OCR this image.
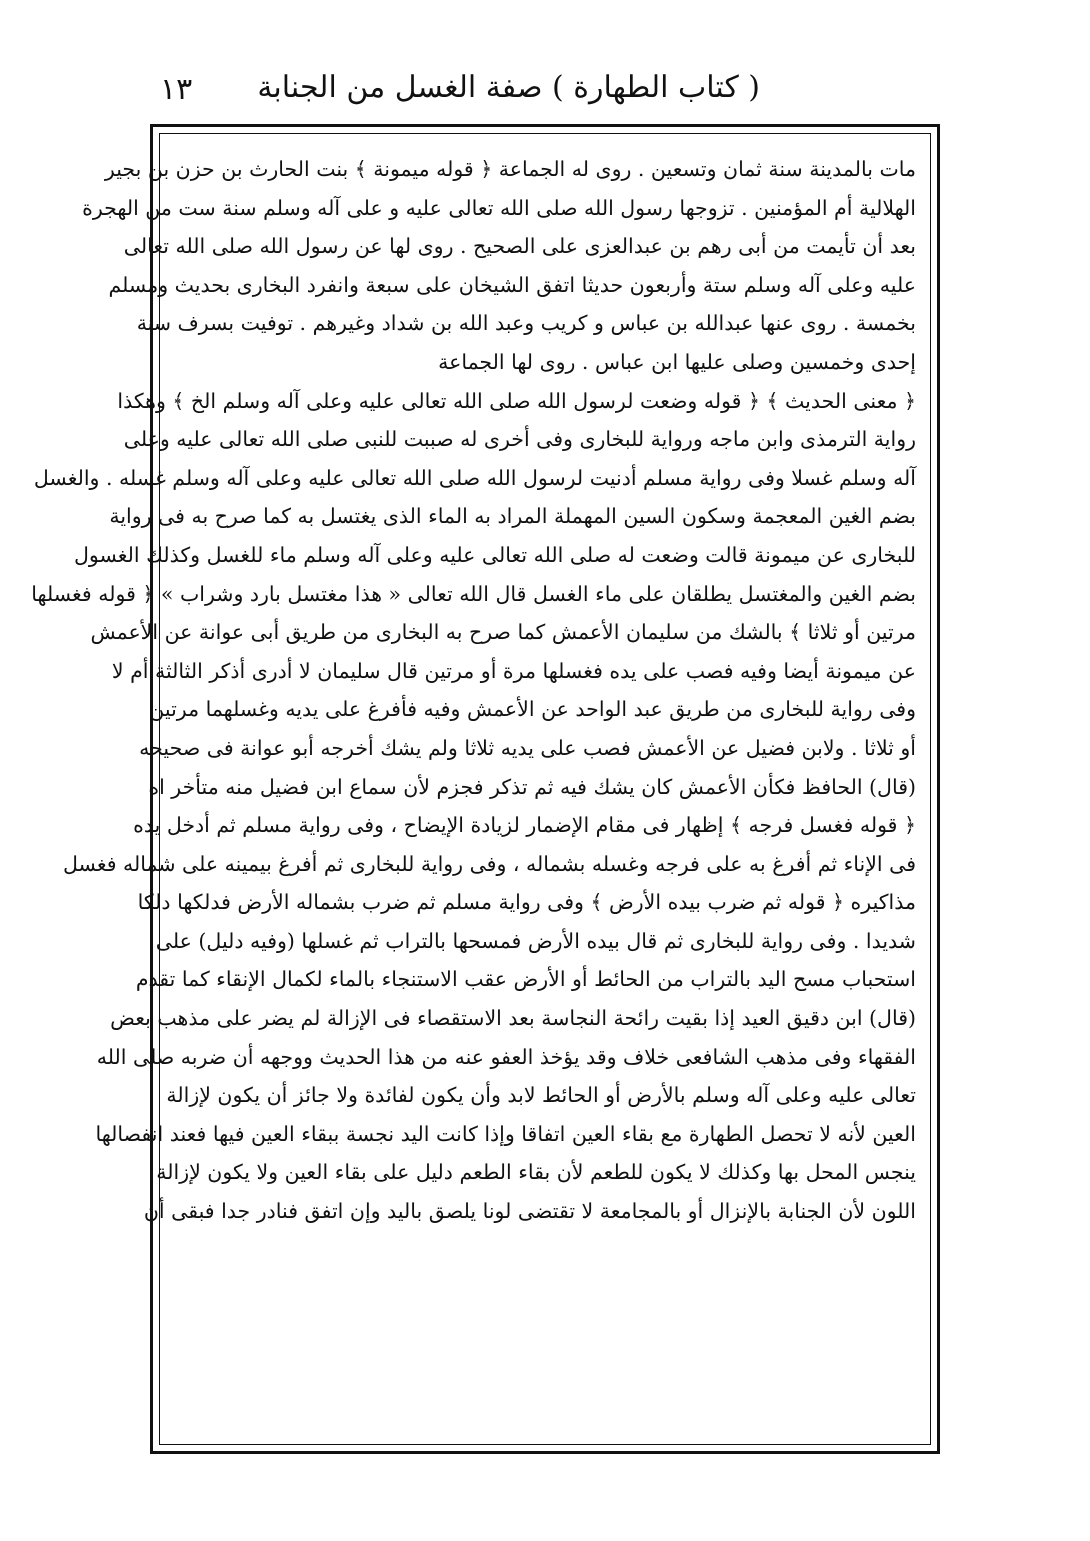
( كتاب الطهارة ) صفة الغسل من الجنابة
١٣
مات بالمدينة سنة ثمان وتسعين . روى له الجماعة ﴿ قوله ميمونة ﴾ بنت الحارث بن حزن بن بجير
الهلالية أم المؤمنين . تزوجها رسول الله صلى الله تعالى عليه و على آله وسلم سنة ست من الهجرة
بعد أن تأيمت من أبى رهم بن عبدالعزى على الصحيح . روى لها عن رسول الله صلى الله تعالى
عليه وعلى آله وسلم ستة وأربعون حديثا اتفق الشيخان على سبعة وانفرد البخارى بحديث ومسلم
بخمسة . روى عنها عبدالله بن عباس و كريب وعبد الله بن شداد وغيرهم . توفيت بسرف سنة
إحدى وخمسين وصلى عليها ابن عباس . روى لها الجماعة
﴿ معنى الحديث ﴾ ﴿ قوله وضعت لرسول الله صلى الله تعالى عليه وعلى آله وسلم الخ ﴾ وهكذا
رواية الترمذى وابن ماجه ورواية للبخارى وفى أخرى له صببت للنبى صلى الله تعالى عليه وعلى
آله وسلم غسلا وفى رواية مسلم أدنيت لرسول الله صلى الله تعالى عليه وعلى آله وسلم غسله . والغسل
بضم الغين المعجمة وسكون السين المهملة المراد به الماء الذى يغتسل به كما صرح به فى رواية
للبخارى عن ميمونة قالت وضعت له صلى الله تعالى عليه وعلى آله وسلم ماء للغسل وكذلك الغسول
بضم الغين والمغتسل يطلقان على ماء الغسل قال الله تعالى « هذا مغتسل بارد وشراب » ﴿ قوله فغسلها
مرتين أو ثلاثا ﴾ بالشك من سليمان الأعمش كما صرح به البخارى من طريق أبى عوانة عن الأعمش
عن ميمونة أيضا وفيه فصب على يده فغسلها مرة أو مرتين قال سليمان لا أدرى أذكر الثالثة أم لا
وفى رواية للبخارى من طريق عبد الواحد عن الأعمش وفيه فأفرغ على يديه وغسلهما مرتين
أو ثلاثا . ولابن فضيل عن الأعمش فصب على يديه ثلاثا ولم يشك أخرجه أبو عوانة فى صحيحه
(قال) الحافظ فكأن الأعمش كان يشك فيه ثم تذكر فجزم لأن سماع ابن فضيل منه متأخر اه
﴿ قوله فغسل فرجه ﴾ إظهار فى مقام الإضمار لزيادة الإيضاح ، وفى رواية مسلم ثم أدخل يده
فى الإناء ثم أفرغ به على فرجه وغسله بشماله ، وفى رواية للبخارى ثم أفرغ بيمينه على شماله فغسل
مذاكيره ﴿ قوله ثم ضرب بيده الأرض ﴾ وفى رواية مسلم ثم ضرب بشماله الأرض فدلكها دلكا
شديدا . وفى رواية للبخارى ثم قال بيده الأرض فمسحها بالتراب ثم غسلها (وفيه دليل) على
استحباب مسح اليد بالتراب من الحائط أو الأرض عقب الاستنجاء بالماء لكمال الإنقاء كما تقدم
(قال) ابن دقيق العيد إذا بقيت رائحة النجاسة بعد الاستقصاء فى الإزالة لم يضر على مذهب بعض
الفقهاء وفى مذهب الشافعى خلاف وقد يؤخذ العفو عنه من هذا الحديث ووجهه أن ضربه صلى الله
تعالى عليه وعلى آله وسلم بالأرض أو الحائط لابد وأن يكون لفائدة ولا جائز أن يكون لإزالة
العين لأنه لا تحصل الطهارة مع بقاء العين اتفاقا وإذا كانت اليد نجسة ببقاء العين فيها فعند انفصالها
ينجس المحل بها وكذلك لا يكون للطعم لأن بقاء الطعم دليل على بقاء العين ولا يكون لإزالة
اللون لأن الجنابة بالإنزال أو بالمجامعة لا تقتضى لونا يلصق باليد وإن اتفق فنادر جدا فبقى أن
